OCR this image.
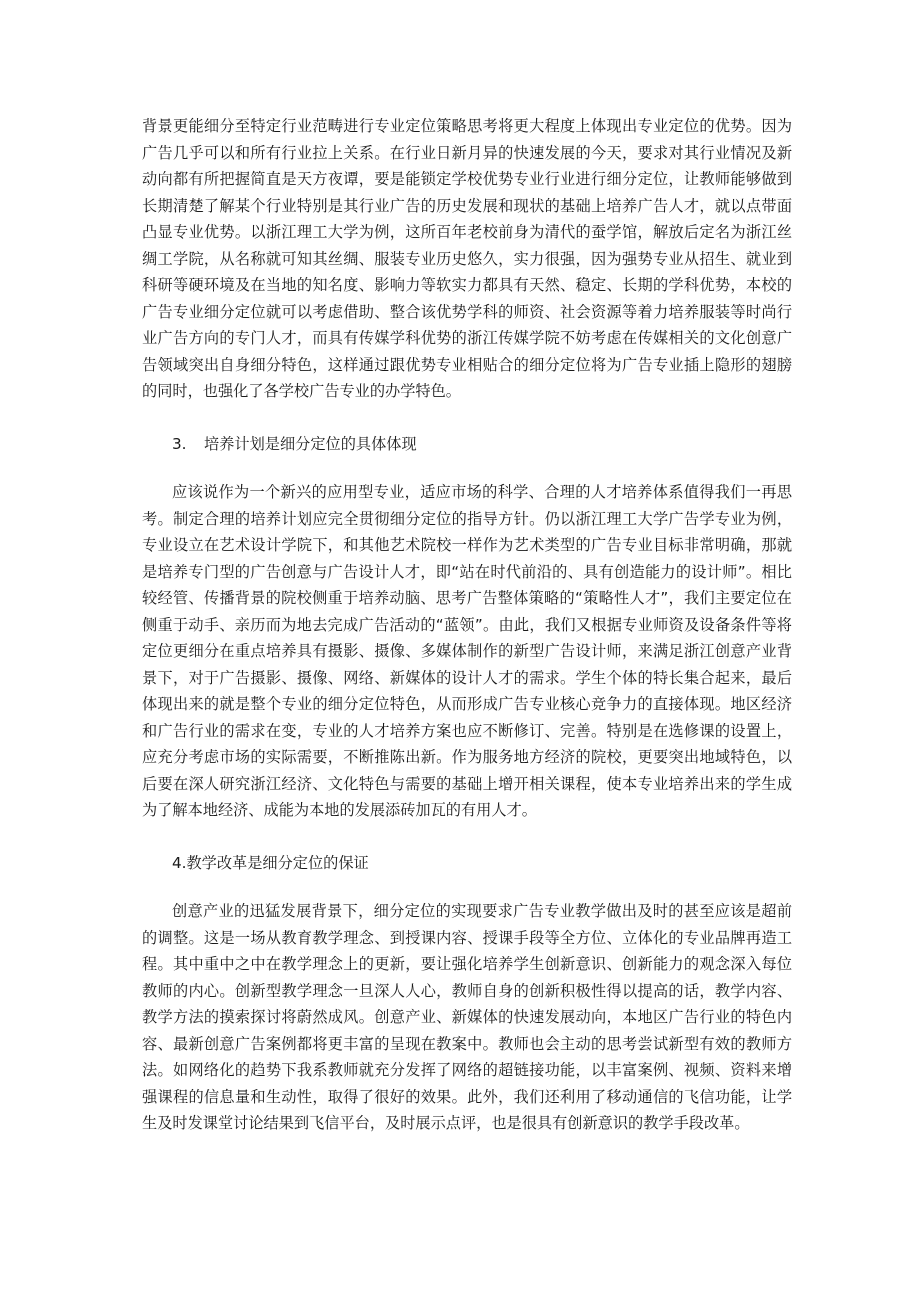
背景更能细分至特定行业范畴进行专业定位策略思考将更大程度上体现出专业定位的优势。因为广告几乎可以和所有行业拉上关系。在行业日新月异的快速发展的今天，要求对其行业情况及新动向都有所把握简直是天方夜谭，要是能锁定学校优势专业行业进行细分定位，让教师能够做到长期清楚了解某个行业特别是其行业广告的历史发展和现状的基础上培养广告人才，就以点带面凸显专业优势。以浙江理工大学为例，这所百年老校前身为清代的蚕学馆，解放后定名为浙江丝绸工学院，从名称就可知其丝绸、服装专业历史悠久，实力很强，因为强势专业从招生、就业到科研等硬环境及在当地的知名度、影响力等软实力都具有天然、稳定、长期的学科优势，本校的广告专业细分定位就可以考虑借助、整合该优势学科的师资、社会资源等着力培养服装等时尚行业广告方向的专门人才，而具有传媒学科优势的浙江传媒学院不妨考虑在传媒相关的文化创意广告领域突出自身细分特色，这样通过跟优势专业相贴合的细分定位将为广告专业插上隐形的翅膀的同时，也强化了各学校广告专业的办学特色。

3. 培养计划是细分定位的具体体现

应该说作为一个新兴的应用型专业，适应市场的科学、合理的人才培养体系值得我们一再思考。制定合理的培养计划应完全贯彻细分定位的指导方针。仍以浙江理工大学广告学专业为例，专业设立在艺术设计学院下，和其他艺术院校一样作为艺术类型的广告专业目标非常明确，那就是培养专门型的广告创意与广告设计人才，即“站在时代前沿的、具有创造能力的设计师”。相比较经管、传播背景的院校侧重于培养动脑、思考广告整体策略的“策略性人才”，我们主要定位在侧重于动手、亲历而为地去完成广告活动的“蓝领”。由此，我们又根据专业师资及设备条件等将定位更细分在重点培养具有摄影、摄像、多媒体制作的新型广告设计师，来满足浙江创意产业背景下，对于广告摄影、摄像、网络、新媒体的设计人才的需求。学生个体的特长集合起来，最后体现出来的就是整个专业的细分定位特色，从而形成广告专业核心竞争力的直接体现。地区经济和广告行业的需求在变，专业的人才培养方案也应不断修订、完善。特别是在选修课的设置上，应充分考虑市场的实际需要，不断推陈出新。作为服务地方经济的院校，更要突出地域特色，以后要在深人研究浙江经济、文化特色与需要的基础上增开相关课程，使本专业培养出来的学生成为了解本地经济、成能为本地的发展添砖加瓦的有用人才。

4.教学改革是细分定位的保证

创意产业的迅猛发展背景下，细分定位的实现要求广告专业教学做出及时的甚至应该是超前的调整。这是一场从教育教学理念、到授课内容、授课手段等全方位、立体化的专业品牌再造工程。其中重中之中在教学理念上的更新，要让强化培养学生创新意识、创新能力的观念深入每位教师的内心。创新型教学理念一旦深人人心，教师自身的创新积极性得以提高的话，教学内容、教学方法的摸索探讨将蔚然成风。创意产业、新媒体的快速发展动向，本地区广告行业的特色内容、最新创意广告案例都将更丰富的呈现在教案中。教师也会主动的思考尝试新型有效的教师方法。如网络化的趋势下我系教师就充分发挥了网络的超链接功能，以丰富案例、视频、资料来增强课程的信息量和生动性，取得了很好的效果。此外，我们还利用了移动通信的飞信功能，让学生及时发课堂讨论结果到飞信平台，及时展示点评，也是很具有创新意识的教学手段改革。
